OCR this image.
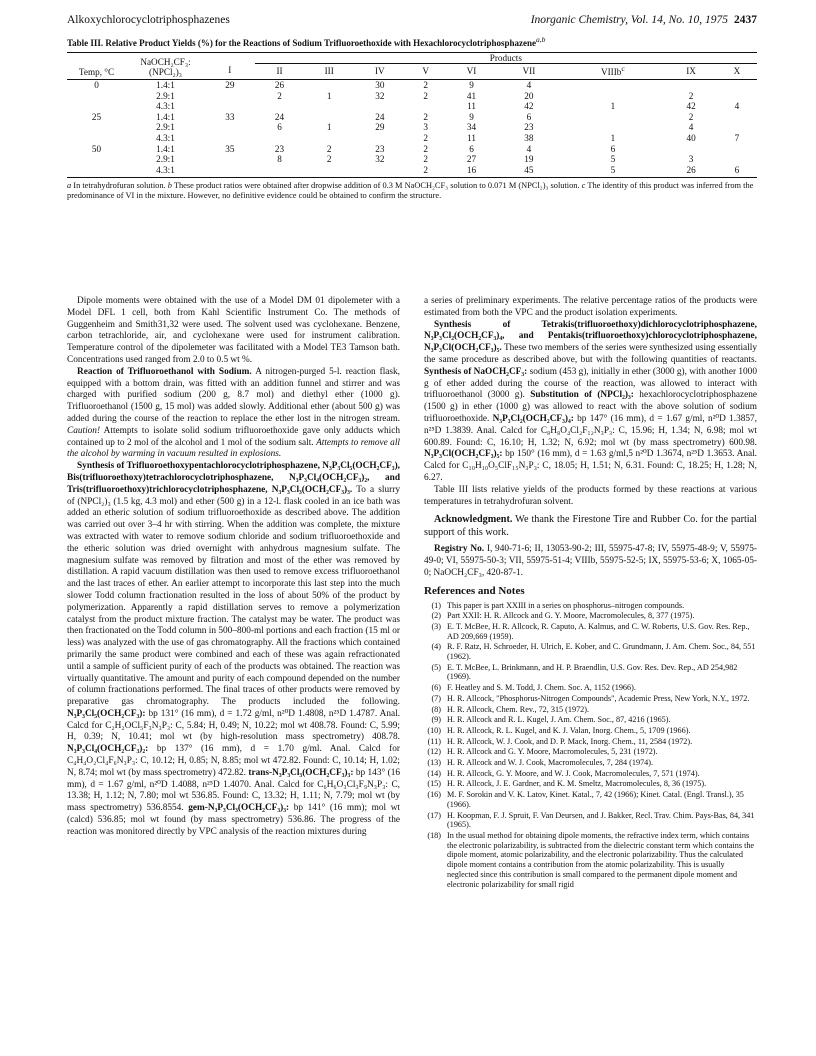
Alkoxychlorocyclotriphosphazenes	Inorganic Chemistry, Vol. 14, No. 10, 1975 2437
Table III. Relative Product Yields (%) for the Reactions of Sodium Trifluoroethoxide with Hexachlorocyclotriphosphazene$^{a,b}$
Temp, °C	NaOCH₂CF₃: (NPCl₂)₃		Products								
		I	II	III	IV	V	VI	VII	VIIIb$^c$	IX	X
0	1.4:1	29	26		30	2	9	4			
	2.9:1		2	1	32	2	41	20		2	
	4.3:1						11	42	1	42	4
25	1.4:1	33	24		24	2	9	6		2	
	2.9:1		6	1	29	3	34	23		4	
	4.3:1					2	11	38	1	40	7
50	1.4:1	35	23	2	23	2	6	4	6		
	2.9:1		8	2	32	2	27	19	5	3	
	4.3:1					2	16	45	5	26	6
a In tetrahydrofuran solution. b These product ratios were obtained after dropwise addition of 0.3 M NaOCH₂CF₃ solution to 0.071 M (NPCl₂)₃ solution. c The identity of this product was inferred from the predominance of VI in the mixture. However, no definitive evidence could be obtained to confirm the structure.

Dipole moments were obtained with the use of a Model DM 01 dipolemeter with a Model DFL 1 cell, both from Kahl Scientific Instrument Co. The methods of Guggenheim and Smith31,32 were used. The solvent used was cyclohexane. Benzene, carbon tetrachloride, air, and cyclohexane were used for instrument calibration. Temperature control of the dipolemeter was facilitated with a Model TE3 Tamson bath. Concentrations used ranged from 2.0 to 0.5 wt %.

Reaction of Trifluoroethanol with Sodium. A nitrogen-purged 5-l. reaction flask, equipped with a bottom drain, was fitted with an addition funnel and stirrer and was charged with purified sodium (200 g, 8.7 mol) and diethyl ether (1000 g). Trifluoroethanol (1500 g, 15 mol) was added slowly. Additional ether (about 500 g) was added during the course of the reaction to replace the ether lost in the nitrogen stream. Caution! Attempts to isolate solid sodium trifluoroethoxide gave only adducts which contained up to 2 mol of the alcohol and 1 mol of the sodium salt. Attempts to remove all the alcohol by warming in vacuum resulted in explosions.

Synthesis of Trifluoroethoxypentachlorocyclotriphosphazene, N₃P₃Cl₅(OCH₂CF₃), Bis(trifluoroethoxy)tetrachlorocyclotriphosphazene, N₃P₃Cl₄(OCH₂CF₃)₂, and Tris(trifluoroethoxy)trichlorocyclotriphosphazene, N₃P₃Cl₃(OCH₂CF₃)₃. To a slurry of (NPCl₂)₃ (1.5 kg, 4.3 mol) and ether (500 g) in a 12-l. flask cooled in an ice bath was added an etheric solution of sodium trifluoroethoxide as described above. The addition was carried out over 3–4 hr with stirring. When the addition was complete, the mixture was extracted with water to remove sodium chloride and sodium trifluoroethoxide and the etheric solution was dried overnight with anhydrous magnesium sulfate. The magnesium sulfate was removed by filtration and most of the ether was removed by distillation. A rapid vacuum distillation was then used to remove excess trifluoroethanol and the last traces of ether. An earlier attempt to incorporate this last step into the much slower Todd column fractionation resulted in the loss of about 50% of the product by polymerization. Apparently a rapid distillation serves to remove a polymerization catalyst from the product mixture fraction. The catalyst may be water. The product was then fractionated on the Todd column in 500–800-ml portions and each fraction (15 ml or less) was analyzed with the use of gas chromatography. All the fractions which contained primarily the same product were combined and each of these was again refractionated until a sample of sufficient purity of each of the products was obtained. The reaction was virtually quantitative. The amount and purity of each compound depended on the number of column fractionations performed. The final traces of other products were removed by preparative gas chromatography. The products included the following. N₃P₃Cl₅(OCH₂CF₃): bp 131° (16 mm), d = 1.72 g/ml, n²⁰D 1.4808, n²⁵D 1.4787. Anal. Calcd for C₂H₂OCl₅F₃N₃P₃: C, 5.84; H, 0.49; N, 10.22; mol wt 408.78. Found: C, 5.99; H, 0.39; N, 10.41; mol wt (by high-resolution mass spectrometry) 408.78. N₃P₃Cl₄(OCH₂CF₃)₂: bp 137° (16 mm), d = 1.70 g/ml. Anal. Calcd for C₄H₄O₂Cl₄F₆N₃P₃: C, 10.12; H, 0.85; N, 8.85; mol wt 472.82. Found: C, 10.14; H, 1.02; N, 8.74; mol wt (by mass spectrometry) 472.82. trans-N₃P₃Cl₃(OCH₂CF₃)₃: bp 143° (16 mm), d = 1.67 g/ml, n²⁰D 1.4088, n²⁵D 1.4070. Anal. Calcd for C₆H₆O₃Cl₃F₉N₃P₃: C, 13.38; H, 1.12; N, 7.80; mol wt 536.85. Found: C, 13.32; H, 1.11; N, 7.79; mol wt (by mass spectrometry) 536.8554. gem-N₃P₃Cl₃(OCH₂CF₃)₃: bp 141° (16 mm); mol wt (calcd) 536.85; mol wt found (by mass spectrometry) 536.86. The progress of the reaction was monitored directly by VPC analysis of the reaction mixtures during

a series of preliminary experiments. The relative percentage ratios of the products were estimated from both the VPC and the product isolation experiments.

Synthesis of Tetrakis(trifluoroethoxy)dichlorocyclotriphosphazene, N₃P₃Cl₂(OCH₂CF₃)₄, and Pentakis(trifluoroethoxy)chlorocyclotriphosphazene, N₃P₃Cl(OCH₂CF₃)₅. These two members of the series were synthesized using essentially the same procedure as described above, but with the following quantities of reactants. Synthesis of NaOCH₂CF₃: sodium (453 g), initially in ether (3000 g), with another 1000 g of ether added during the course of the reaction, was allowed to interact with trifluoroethanol (3000 g). Substitution of (NPCl₂)₃: hexachlorocyclotriphosphazene (1500 g) in ether (1000 g) was allowed to react with the above solution of sodium trifluoroethoxide. N₃P₃Cl₂(OCH₂CF₃)₄: bp 147° (16 mm), d = 1.67 g/ml, n²⁰D 1.3857, n²⁵D 1.3839. Anal. Calcd for C₈H₈O₄Cl₂F₁₂N₃P₃: C, 15.96; H, 1.34; N, 6.98; mol wt 600.89. Found: C, 16.10; H, 1.32; N, 6.92; mol wt (by mass spectrometry) 600.98. N₃P₃Cl(OCH₂CF₃)₅: bp 150° (16 mm), d = 1.63 g/ml,5 n²⁰D 1.3674, n²⁵D 1.3653. Anal. Calcd for C₁₀H₁₀O₅ClF₁₅N₃P₃: C, 18.05; H, 1.51; N, 6.31. Found: C, 18.25; H, 1.28; N, 6.27.

Table III lists relative yields of the products formed by these reactions at various temperatures in tetrahydrofuran solvent.

Acknowledgment. We thank the Firestone Tire and Rubber Co. for the partial support of this work.

Registry No. I, 940-71-6; II, 13053-90-2; III, 55975-47-8; IV, 55975-48-9; V, 55975-49-0; VI, 55975-50-3; VII, 55975-51-4; VIIIb, 55975-52-5; IX, 55975-53-6; X, 1065-05-0; NaOCH₂CF₃, 420-87-1.

References and Notes
(1) This paper is part XXIII in a series on phosphorus–nitrogen compounds.
(2) Part XXII: H. R. Allcock and G. Y. Moore, Macromolecules, 8, 377 (1975).
(3) E. T. McBee, H. R. Allcock, R. Caputo, A. Kalmus, and C. W. Roberts, U.S. Gov. Res. Rep., AD 209,669 (1959).
(4) R. F. Ratz, H. Schroeder, H. Ulrich, E. Kober, and C. Grundmann, J. Am. Chem. Soc., 84, 551 (1962).
(5) E. T. McBee, L. Brinkmann, and H. P. Braendlin, U.S. Gov. Res. Dev. Rep., AD 254,982 (1969).
(6) F. Heatley and S. M. Todd, J. Chem. Soc. A, 1152 (1966).
(7) H. R. Allcock, "Phosphorus-Nitrogen Compounds", Academic Press, New York, N.Y., 1972.
(8) H. R. Allcock, Chem. Rev., 72, 315 (1972).
(9) H. R. Allcock and R. L. Kugel, J. Am. Chem. Soc., 87, 4216 (1965).
(10) H. R. Allcock, R. L. Kugel, and K. J. Valan, Inorg. Chem., 5, 1709 (1966).
(11) H. R. Allcock, W. J. Cook, and D. P. Mack, Inorg. Chem., 11, 2584 (1972).
(12) H. R. Allcock and G. Y. Moore, Macromolecules, 5, 231 (1972).
(13) H. R. Allcock and W. J. Cook, Macromolecules, 7, 284 (1974).
(14) H. R. Allcock, G. Y. Moore, and W. J. Cook, Macromolecules, 7, 571 (1974).
(15) H. R. Allcock, J. E. Gardner, and K. M. Smeltz, Macromolecules, 8, 36 (1975).
(16) M. F. Sorokin and V. K. Latov, Kinet. Katal., 7, 42 (1966); Kinet. Catal. (Engl. Transl.), 35 (1966).
(17) H. Koopman, F. J. Spruit, F. Van Deursen, and J. Bakker, Recl. Trav. Chim. Pays-Bas, 84, 341 (1965).
(18) In the usual method for obtaining dipole moments, the refractive index term, which contains the electronic polarizability, is subtracted from the dielectric constant term which contains the dipole moment, atomic polarizability, and the electronic polarizability. Thus the calculated dipole moment contains a contribution from the atomic polarizability. This is usually neglected since this contribution is small compared to the permanent dipole moment and electronic polarizability for small rigid
